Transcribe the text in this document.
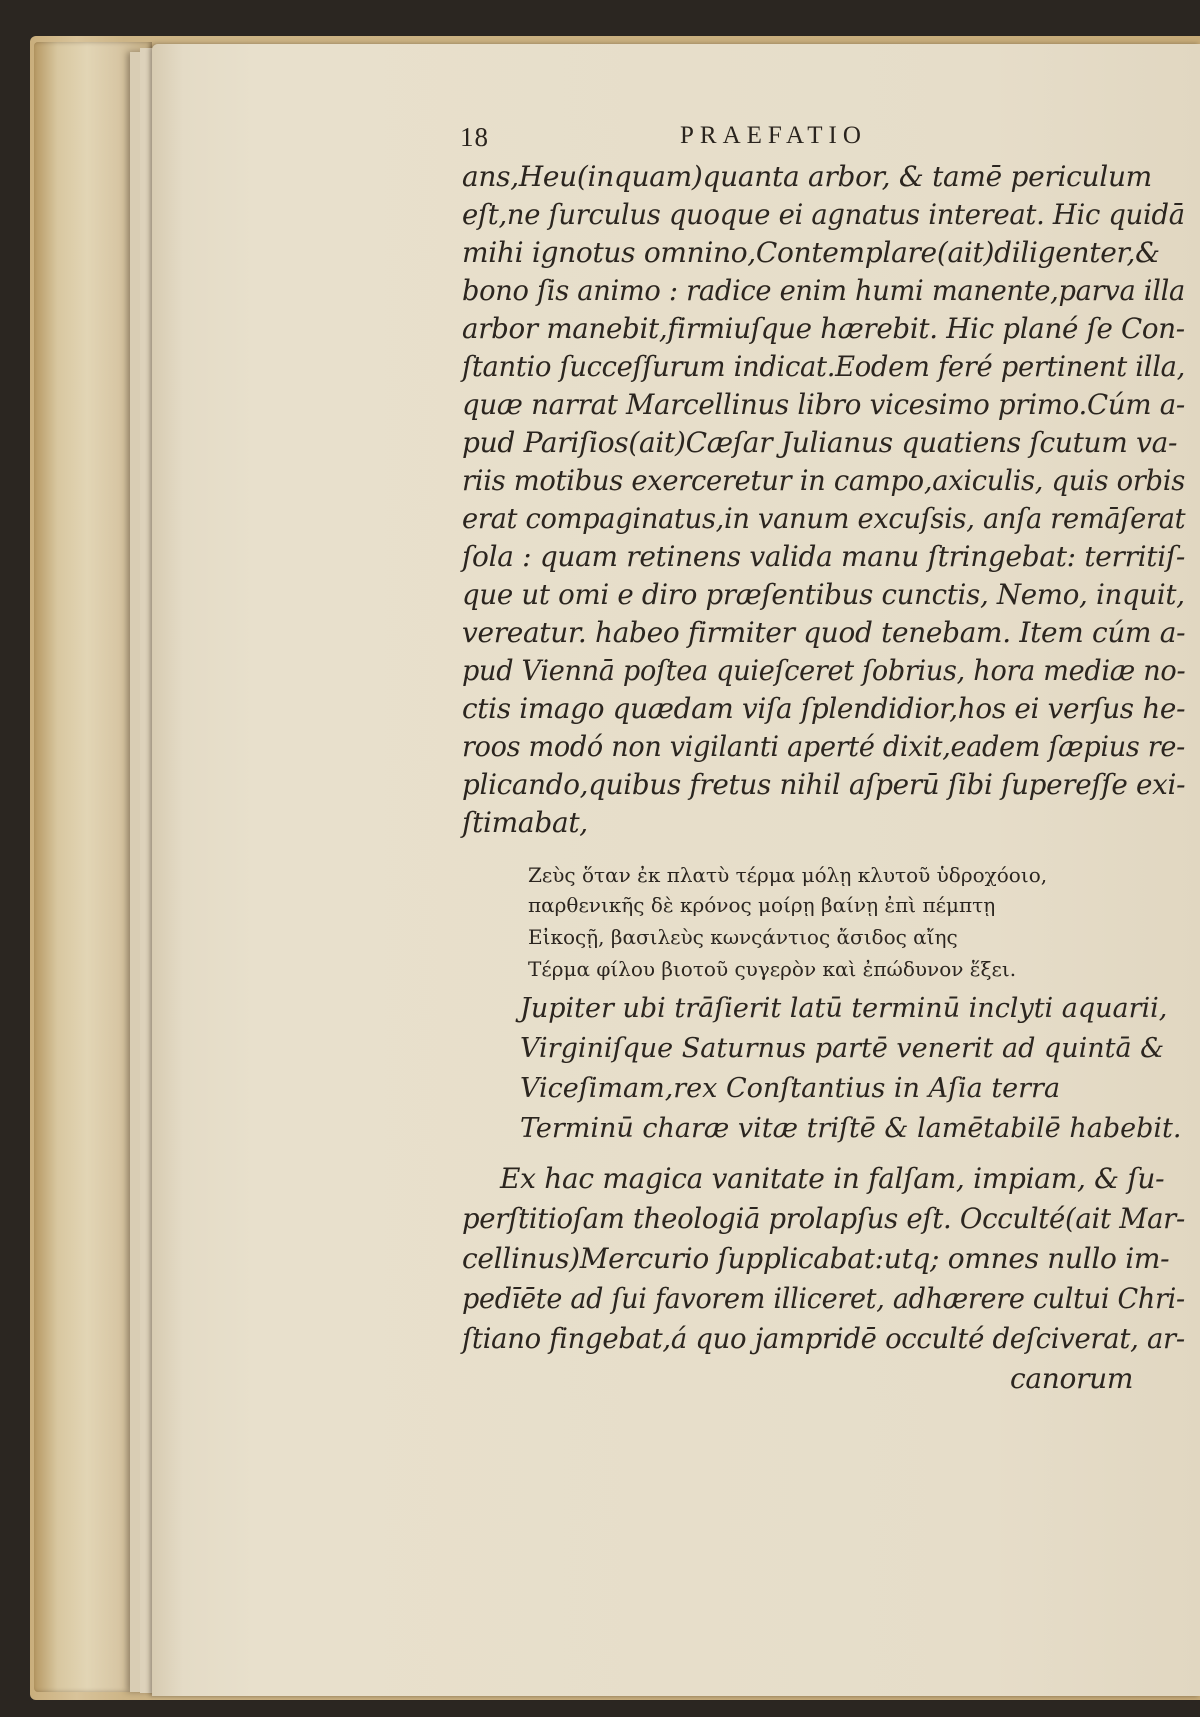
18	PRAEFATIO
ans,Heu(inquam)quanta arbor, & tamē periculum
eſt,ne ſurculus quoque ei agnatus intereat. Hic quidā
mihi ignotus omnino,Contemplare(ait)diligenter,&
bono ſis animo : radice enim humi manente,parva illa
arbor manebit,firmiuſque hærebit. Hic plané ſe Con-
ſtantio ſucceſſurum indicat.Eodem feré pertinent illa,
quæ narrat Marcellinus libro vicesimo primo.Cúm a-
pud Pariſios(ait)Cæſar Julianus quatiens ſcutum va-
riis motibus exerceretur in campo,axiculis, quis orbis
erat compaginatus,in vanum excuſsis, anſa remāſerat
ſola : quam retinens valida manu ſtringebat: territiſ-
que ut omi e diro præſentibus cunctis, Nemo, inquit,
vereatur. habeo firmiter quod tenebam. Item cúm a-
pud Viennā poſtea quieſceret ſobrius, hora mediæ no-
ctis imago quædam viſa ſplendidior,hos ei verſus he-
roos modó non vigilanti aperté dixit,eadem ſæpius re-
plicando,quibus fretus nihil aſperū ſibi ſupereſſe exi-
ſtimabat,
Ζεὺς ὅταν ἐκ πλατὺ τέρμα μόλῃ κλυτοῦ ὑδροχόοιο,
παρθενικῆς δὲ κρόνος μοίρῃ βαίνῃ ἐπὶ πέμπτῃ
Εἰκοςῇ, βασιλεὺς κωνςάντιος ἄσιδος αἴης
Τέρμα φίλου βιοτοῦ ςυγερὸν καὶ ἐπώδυνον ἕξει.
Jupiter ubi trāſierit latū terminū inclyti aquarii,
Virginiſque Saturnus partē venerit ad quintā &
Viceſimam,rex Conſtantius in Aſia terra
Terminū charæ vitæ triſtē & lamētabilē habebit.
Ex hac magica vanitate in falſam, impiam, & ſu-
perſtitioſam theologiā prolapſus eſt. Occulté(ait Mar-
cellinus)Mercurio ſupplicabat:utq; omnes nullo im-
pedīēte ad ſui favorem illiceret, adhærere cultui Chri-
ſtiano fingebat,á quo jampridē occulté deſciverat, ar-
canorum
